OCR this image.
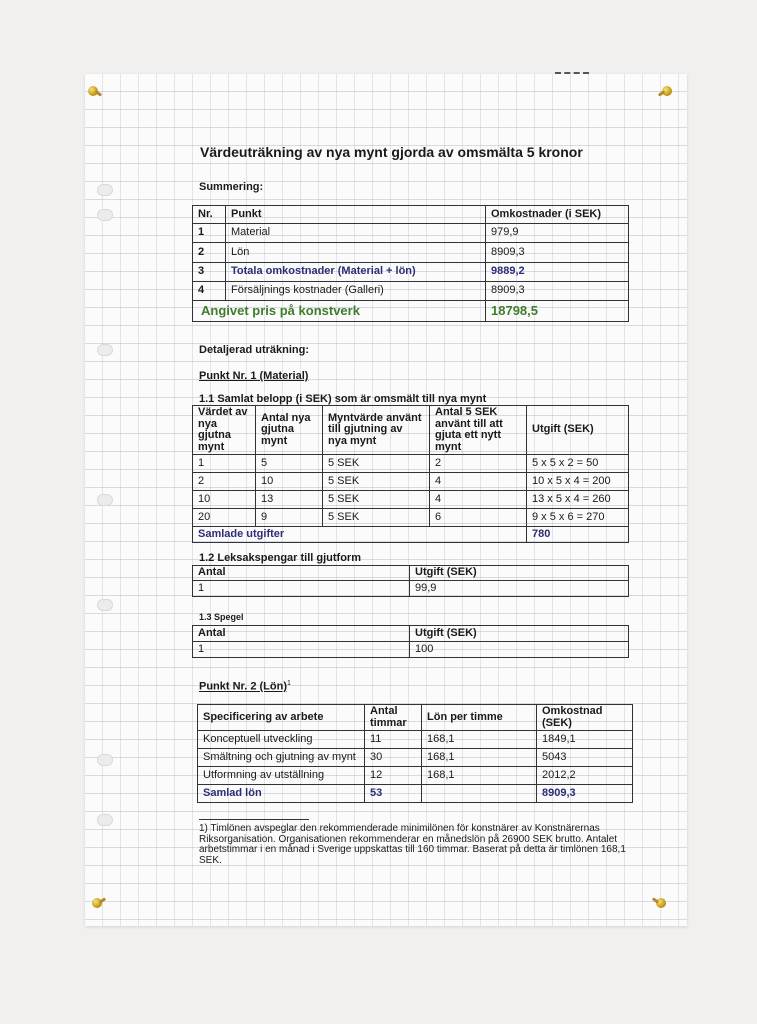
Värdeuträkning av nya mynt gjorda av omsmälta 5 kronor
Summering:
Nr.	Punkt	Omkostnader (i SEK)
1	Material	979,9
2	Lön	8909,3
3	Totala omkostnader (Material + lön)	9889,2
4	Försäljnings kostnader (Galleri)	8909,3
Angivet pris på konstverk		18798,5
Detaljerad uträkning:
Punkt Nr. 1 (Material)
1.1 Samlat belopp (i SEK) som är omsmält till nya mynt
Värdet av nya gjutna mynt	Antal nya gjutna mynt	Myntvärde använt till gjutning av nya mynt	Antal 5 SEK använt till att gjuta ett nytt mynt	Utgift (SEK)
1	5	5 SEK	2	5 x 5 x 2 = 50
2	10	5 SEK	4	10 x 5 x 4 = 200
10	13	5 SEK	4	13 x 5 x 4 = 260
20	9	5 SEK	6	9 x 5 x 6 = 270
Samlade utgifter				780
1.2 Leksakspengar till gjutform
Antal	Utgift (SEK)
1	99,9
1.3 Spegel
Antal	Utgift (SEK)
1	100
Punkt Nr. 2 (Lön)$^1$
Specificering av arbete	Antal timmar	Lön per timme	Omkostnad (SEK)
Konceptuell utveckling	11	168,1	1849,1
Smältning och gjutning av mynt	30	168,1	5043
Utformning av utställning	12	168,1	2012,2
Samlad lön	53		8909,3
1) Timlönen avspeglar den rekommenderade minimilönen för konstnärer av Konstnärernas Riksorganisation. Organisationen rekommenderar en månedslön på 26900 SEK brutto. Antalet arbetstimmar i en månad i Sverige uppskattas till 160 timmar. Baserat på detta är timlönen 168,1 SEK.
